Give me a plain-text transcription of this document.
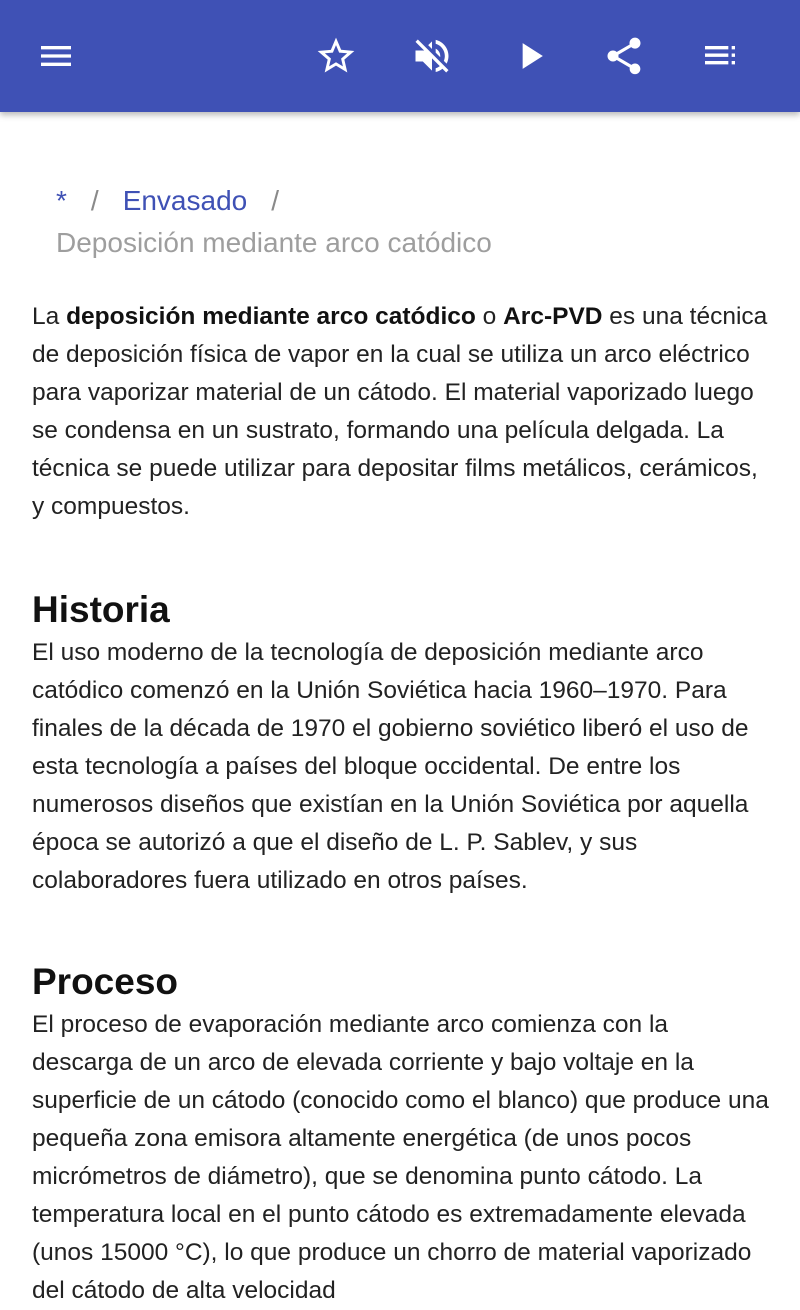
* / Envasado /
Deposición mediante arco catódico

La deposición mediante arco catódico o Arc-PVD es una técnica de deposición física de vapor en la cual se utiliza un arco eléctrico para vaporizar material de un cátodo. El material vaporizado luego se condensa en un sustrato, formando una película delgada. La técnica se puede utilizar para depositar films metálicos, cerámicos, y compuestos.

Historia

El uso moderno de la tecnología de deposición mediante arco catódico comenzó en la Unión Soviética hacia 1960–1970. Para finales de la década de 1970 el gobierno soviético liberó el uso de esta tecnología a países del bloque occidental. De entre los numerosos diseños que existían en la Unión Soviética por aquella época se autorizó a que el diseño de L. P. Sablev, y sus colaboradores fuera utilizado en otros países.

Proceso

El proceso de evaporación mediante arco comienza con la descarga de un arco de elevada corriente y bajo voltaje en la superficie de un cátodo (conocido como el blanco) que produce una pequeña zona emisora altamente energética (de unos pocos micrómetros de diámetro), que se denomina punto cátodo. La temperatura local en el punto cátodo es extremadamente elevada (unos 15000 °C), lo que produce un chorro de material vaporizado del cátodo de alta velocidad
